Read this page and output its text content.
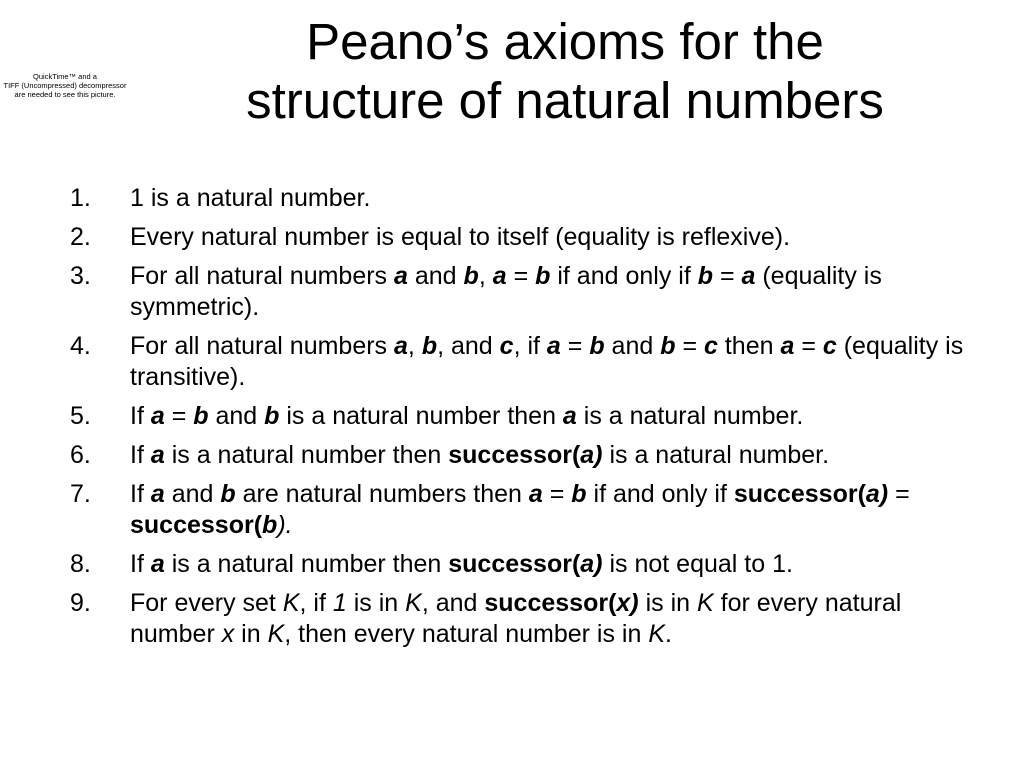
QuickTime™ and a
TIFF (Uncompressed) decompressor
are needed to see this picture.
Peano’s axioms for the
structure of natural numbers
1. 1 is a natural number.
2. Every natural number is equal to itself (equality is reflexive).
3. For all natural numbers a and b, a = b if and only if b = a (equality is symmetric).
4. For all natural numbers a, b, and c, if a = b and b = c then a = c (equality is transitive).
5. If a = b and b is a natural number then a is a natural number.
6. If a is a natural number then successor(a) is a natural number.
7. If a and b are natural numbers then a = b if and only if successor(a) = successor(b).
8. If a is a natural number then successor(a) is not equal to 1.
9. For every set K, if 1 is in K, and successor(x) is in K for every natural number x in K, then every natural number is in K.
